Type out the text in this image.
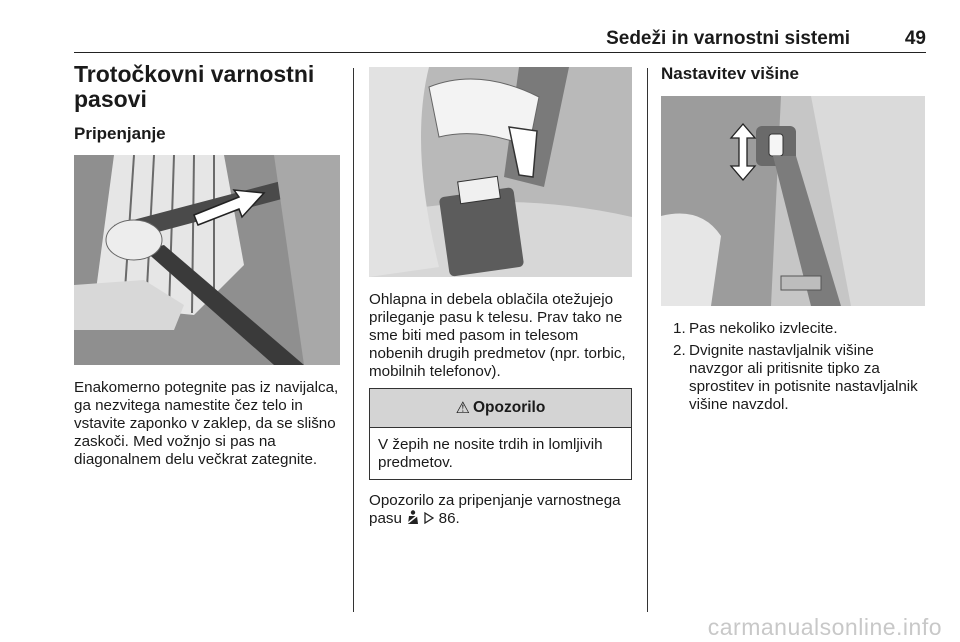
Sedeži in varnostni sistemi	49
Trotočkovni varnostni pasovi
Pripenjanje

Enakomerno potegnite pas iz navijalca, ga nezvitega namestite čez telo in vstavite zaponko v zaklep, da se slišno zaskoči. Med vožnjo si pas na diagonalnem delu večkrat zategnite.

Ohlapna in debela oblačila otežujejo prileganje pasu k telesu. Prav tako ne sme biti med pasom in telesom nobenih drugih predmetov (npr. torbic, mobilnih telefonov).

⚠ Opozorilo
V žepih ne nosite trdih in lomljivih predmetov.

Opozorilo za pripenjanje varnostnega pasu 86.

Nastavitev višine
1. Pas nekoliko izvlecite.
2. Dvignite nastavljalnik višine navzgor ali pritisnite tipko za sprostitev in potisnite nastavljalnik višine navzdol.
carmanualsonline.info
